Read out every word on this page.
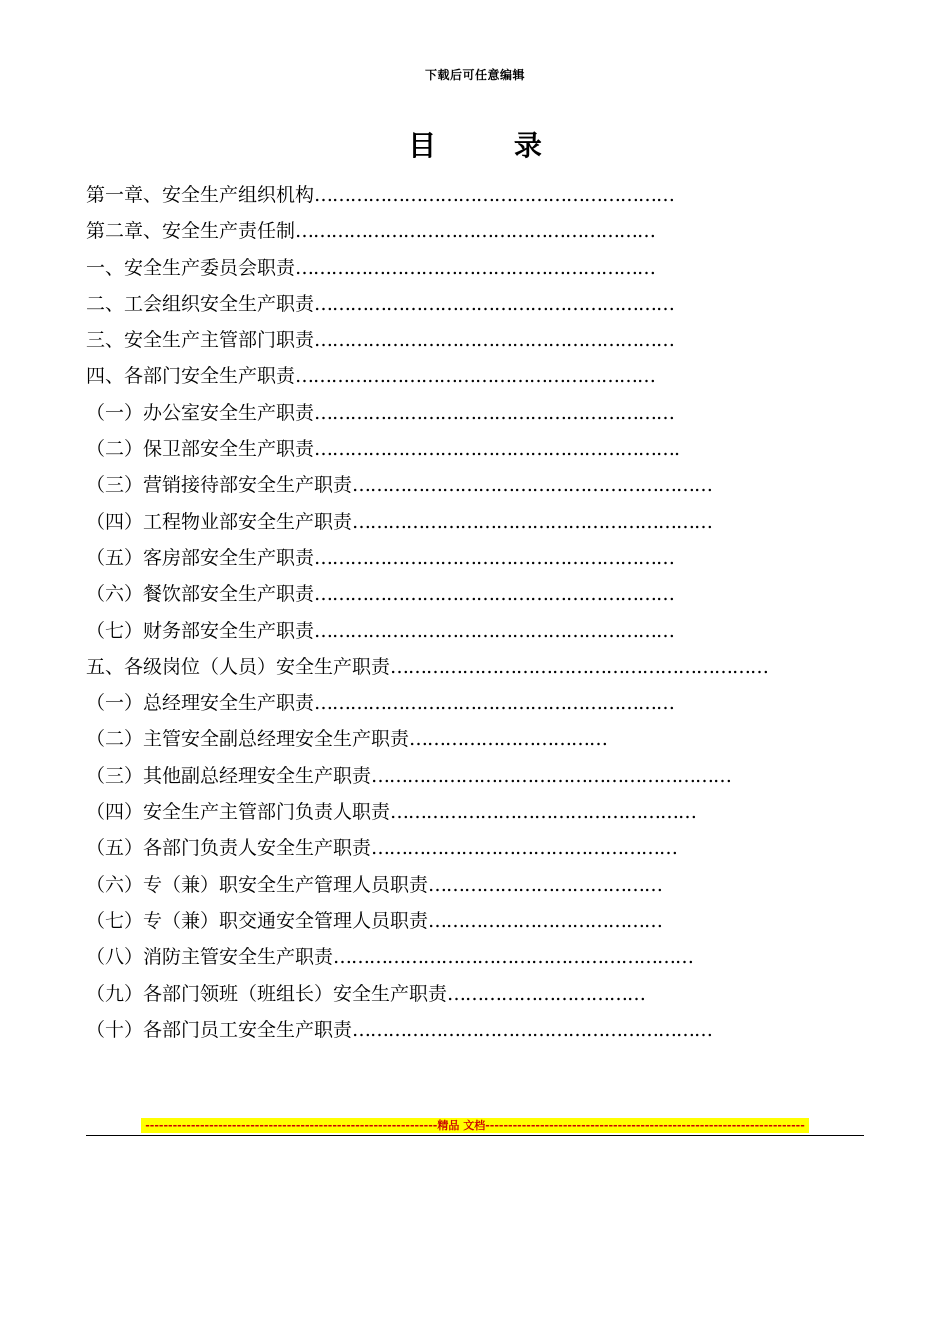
下载后可任意编辑
目 录
第一章、安全生产组织机构……………………………………………………
第二章、安全生产责任制……………………………………………………
一、安全生产委员会职责……………………………………………………
二、工会组织安全生产职责……………………………………………………
三、安全生产主管部门职责……………………………………………………
四、各部门安全生产职责……………………………………………………
（一）办公室安全生产职责……………………………………………………
（二）保卫部安全生产职责…………………………………………………….
（三）营销接待部安全生产职责……………………………………………………
（四）工程物业部安全生产职责……………………………………………………
（五）客房部安全生产职责……………………………………………………
（六）餐饮部安全生产职责……………………………………………………
（七）财务部安全生产职责……………………………………………………
五、各级岗位（人员）安全生产职责………………………………………………………
（一）总经理安全生产职责……………………………………………………
（二）主管安全副总经理安全生产职责……………………………
（三）其他副总经理安全生产职责……………………………………………………
（四）安全生产主管部门负责人职责……………………………………………
（五）各部门负责人安全生产职责……………………………………………
（六）专（兼）职安全生产管理人员职责…………………………………
（七）专（兼）职交通安全管理人员职责…………………………………
（八）消防主管安全生产职责……………………………………………………
（九）各部门领班（班组长）安全生产职责……………………………
（十）各部门员工安全生产职责……………………………………………………
----------------------------------------------------------------精品 文档----------------------------------------------------------------------
